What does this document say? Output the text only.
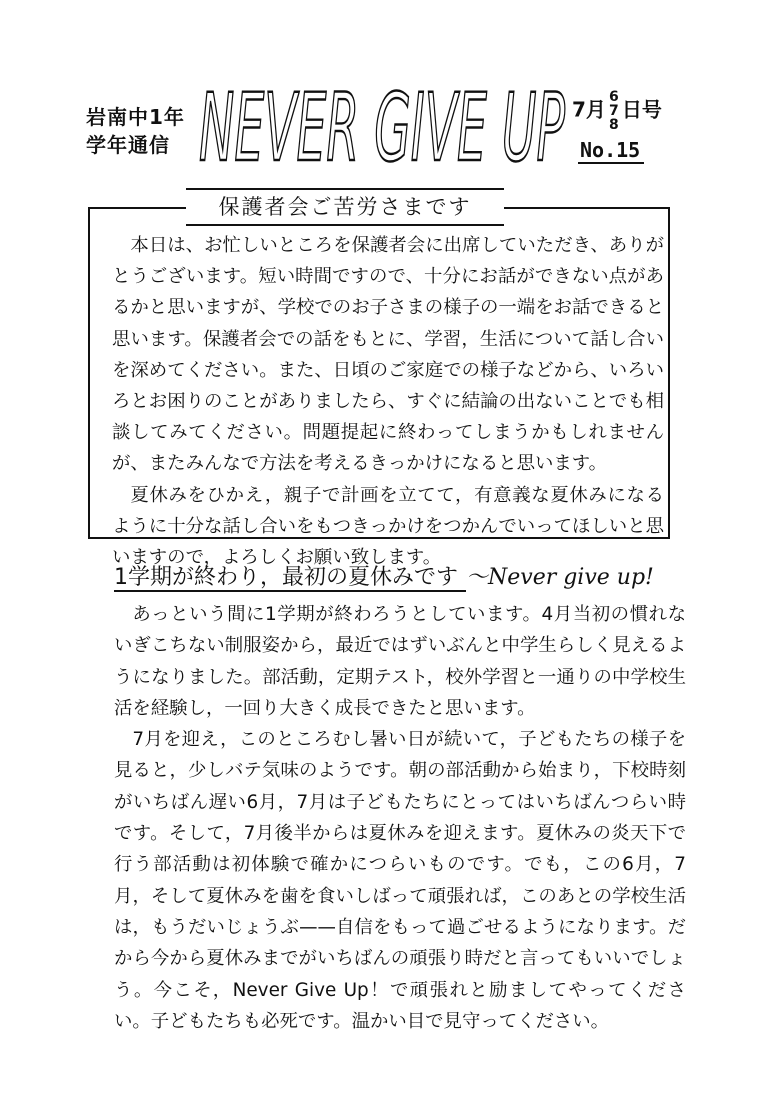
岩南中1年
学年通信 NEVER GIVE UP 7月6
7
8日号
No.15
保護者会ご苦労さまです

本日は、お忙しいところを保護者会に出席していただき、ありがとうございます。短い時間ですので、十分にお話ができない点があるかと思いますが、学校でのお子さまの様子の一端をお話できると思います。保護者会での話をもとに、学習，生活について話し合いを深めてください。また、日頃のご家庭での様子などから、いろいろとお困りのことがありましたら、すぐに結論の出ないことでも相談してみてください。問題提起に終わってしまうかもしれませんが、またみんなで方法を考えるきっかけになると思います。

夏休みをひかえ，親子で計画を立てて，有意義な夏休みになるように十分な話し合いをもつきっかけをつかんでいってほしいと思いますので，よろしくお願い致します。

1学期が終わり，最初の夏休みです 〜Never give up!

あっという間に1学期が終わろうとしています。4月当初の慣れないぎこちない制服姿から，最近ではずいぶんと中学生らしく見えるようになりました。部活動，定期テスト，校外学習と一通りの中学校生活を経験し，一回り大きく成長できたと思います。

7月を迎え，このところむし暑い日が続いて，子どもたちの様子を見ると，少しバテ気味のようです。朝の部活動から始まり，下校時刻がいちばん遅い6月，7月は子どもたちにとってはいちばんつらい時です。そして，7月後半からは夏休みを迎えます。夏休みの炎天下で行う部活動は初体験で確かにつらいものです。でも，この6月，7月，そして夏休みを歯を食いしばって頑張れば，このあとの学校生活は，もうだいじょうぶ——自信をもって過ごせるようになります。だから今から夏休みまでがいちばんの頑張り時だと言ってもいいでしょう。今こそ，Never Give Up！で頑張れと励ましてやってください。子どもたちも必死です。温かい目で見守ってください。
